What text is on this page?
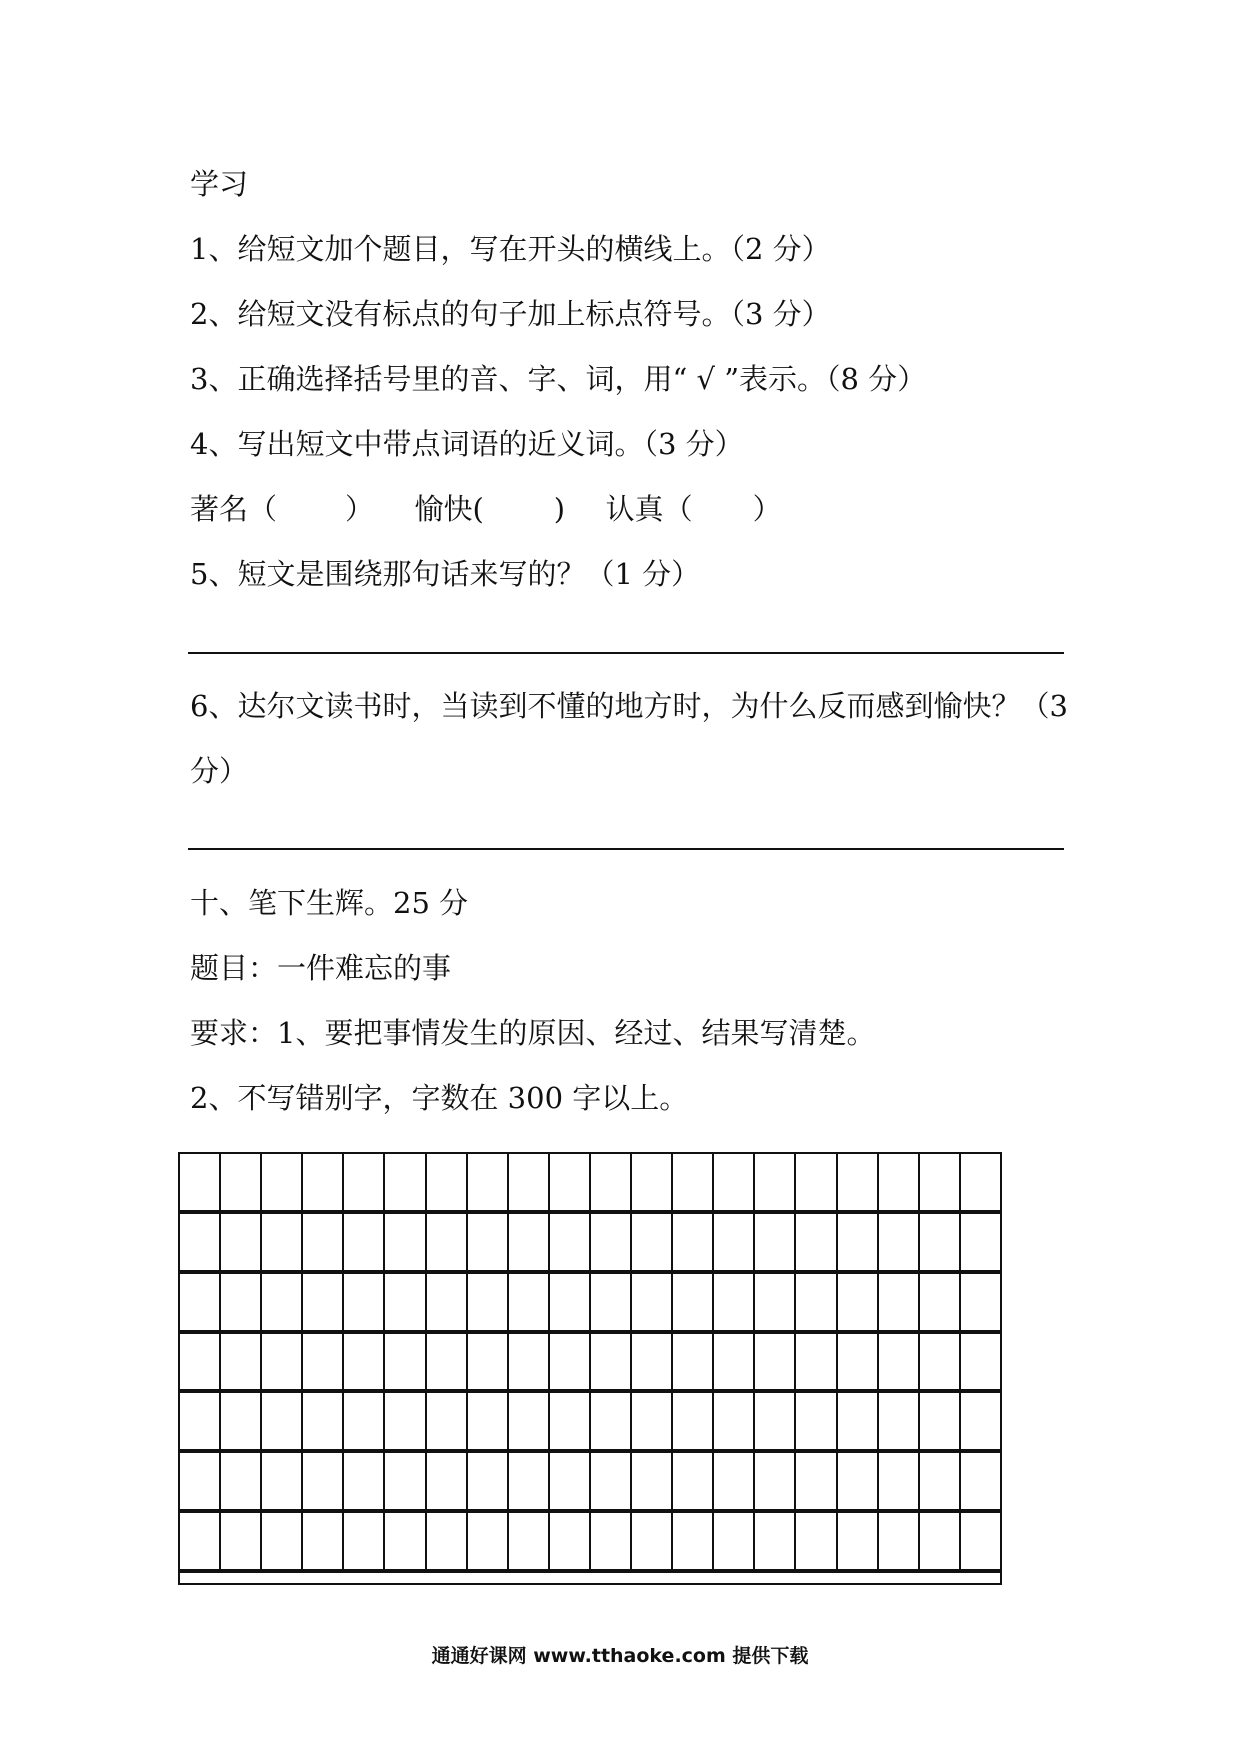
学习
1、给短文加个题目，写在开头的横线上。（2 分）
2、给短文没有标点的句子加上标点符号。（3 分）
3、正确选择括号里的音、字、词，用“ √ ”表示。（8 分）
4、写出短文中带点词语的近义词。（3 分）
著名（ ） 愉快( ) 认真（ ）
5、短文是围绕那句话来写的？（1 分）
6、达尔文读书时，当读到不懂的地方时，为什么反而感到愉快？（3
分）
十、笔下生辉。25 分
题目：一件难忘的事
要求：1、要把事情发生的原因、经过、结果写清楚。
2、不写错别字，字数在 300 字以上。
通通好课网 www.tthaoke.com 提供下载
